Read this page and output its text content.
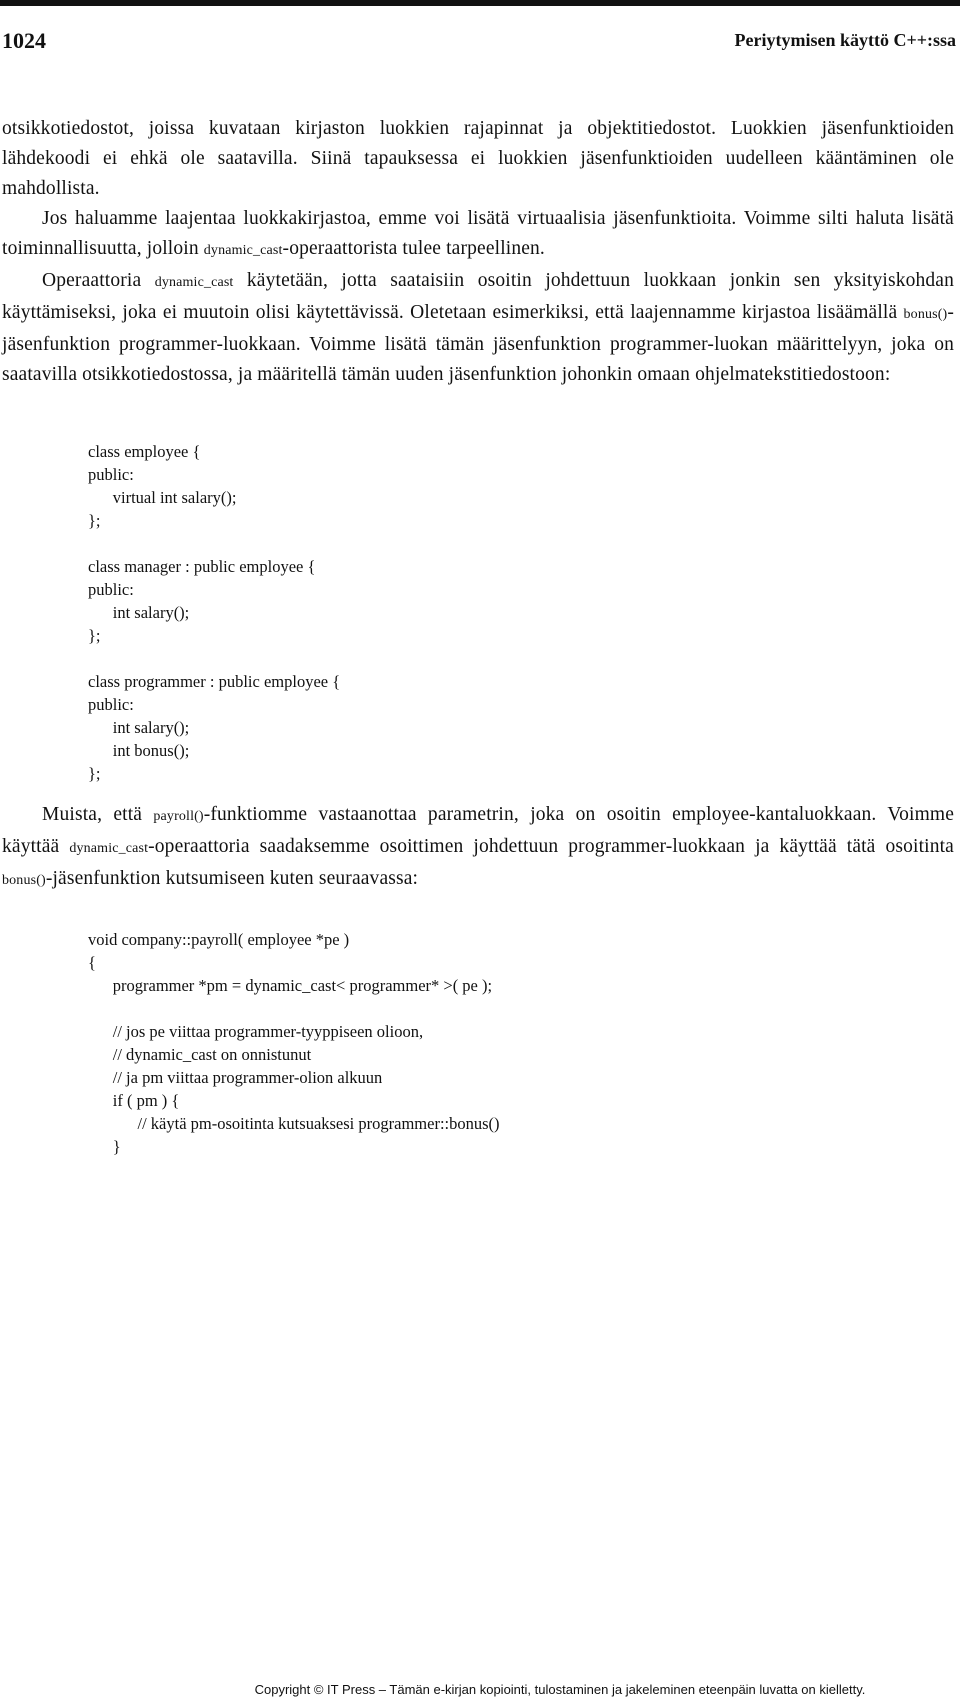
1024	Periytymisen käyttö C++:ssa

otsikkotiedostot, joissa kuvataan kirjaston luokkien rajapinnat ja objektitiedostot. Luokkien jäsenfunktioiden lähdekoodi ei ehkä ole saatavilla. Siinä tapauksessa ei luokkien jäsenfunktioiden uudelleen kääntäminen ole mahdollista.

Jos haluamme laajentaa luokkakirjastoa, emme voi lisätä virtuaalisia jäsenfunktioita. Voimme silti haluta lisätä toiminnallisuutta, jolloin dynamic_cast-operaattorista tulee tarpeellinen.

Operaattoria dynamic_cast käytetään, jotta saataisiin osoitin johdettuun luokkaan jonkin sen yksityiskohdan käyttämiseksi, joka ei muutoin olisi käytettävissä. Oletetaan esimerkiksi, että laajennamme kirjastoa lisäämällä bonus()-jäsenfunktion programmer-luokkaan. Voimme lisätä tämän jäsenfunktion programmer-luokan määrittelyyn, joka on saatavilla otsikkotiedostossa, ja määritellä tämän uuden jäsenfunktion johonkin omaan ohjelmatekstitiedostoon:

class employee {
public:
virtual int salary();
};
class manager : public employee {
public:
int salary();
};
class programmer : public employee {
public:
int salary();
int bonus();
};

Muista, että payroll()-funktiomme vastaanottaa parametrin, joka on osoitin employee-kantaluokkaan. Voimme käyttää dynamic_cast-operaattoria saadaksemme osoittimen johdettuun programmer-luokkaan ja käyttää tätä osoitinta bonus()-jäsenfunktion kutsumiseen kuten seuraavassa:

void company::payroll( employee *pe )
{
programmer *pm = dynamic_cast< programmer* >( pe );
// jos pe viittaa programmer-tyyppiseen olioon,
// dynamic_cast on onnistunut
// ja pm viittaa programmer-olion alkuun
if ( pm ) {
// käytä pm-osoitinta kutsuaksesi programmer::bonus()
}
Copyright © IT Press – Tämän e-kirjan kopiointi, tulostaminen ja jakeleminen eteenpäin luvatta on kielletty.
